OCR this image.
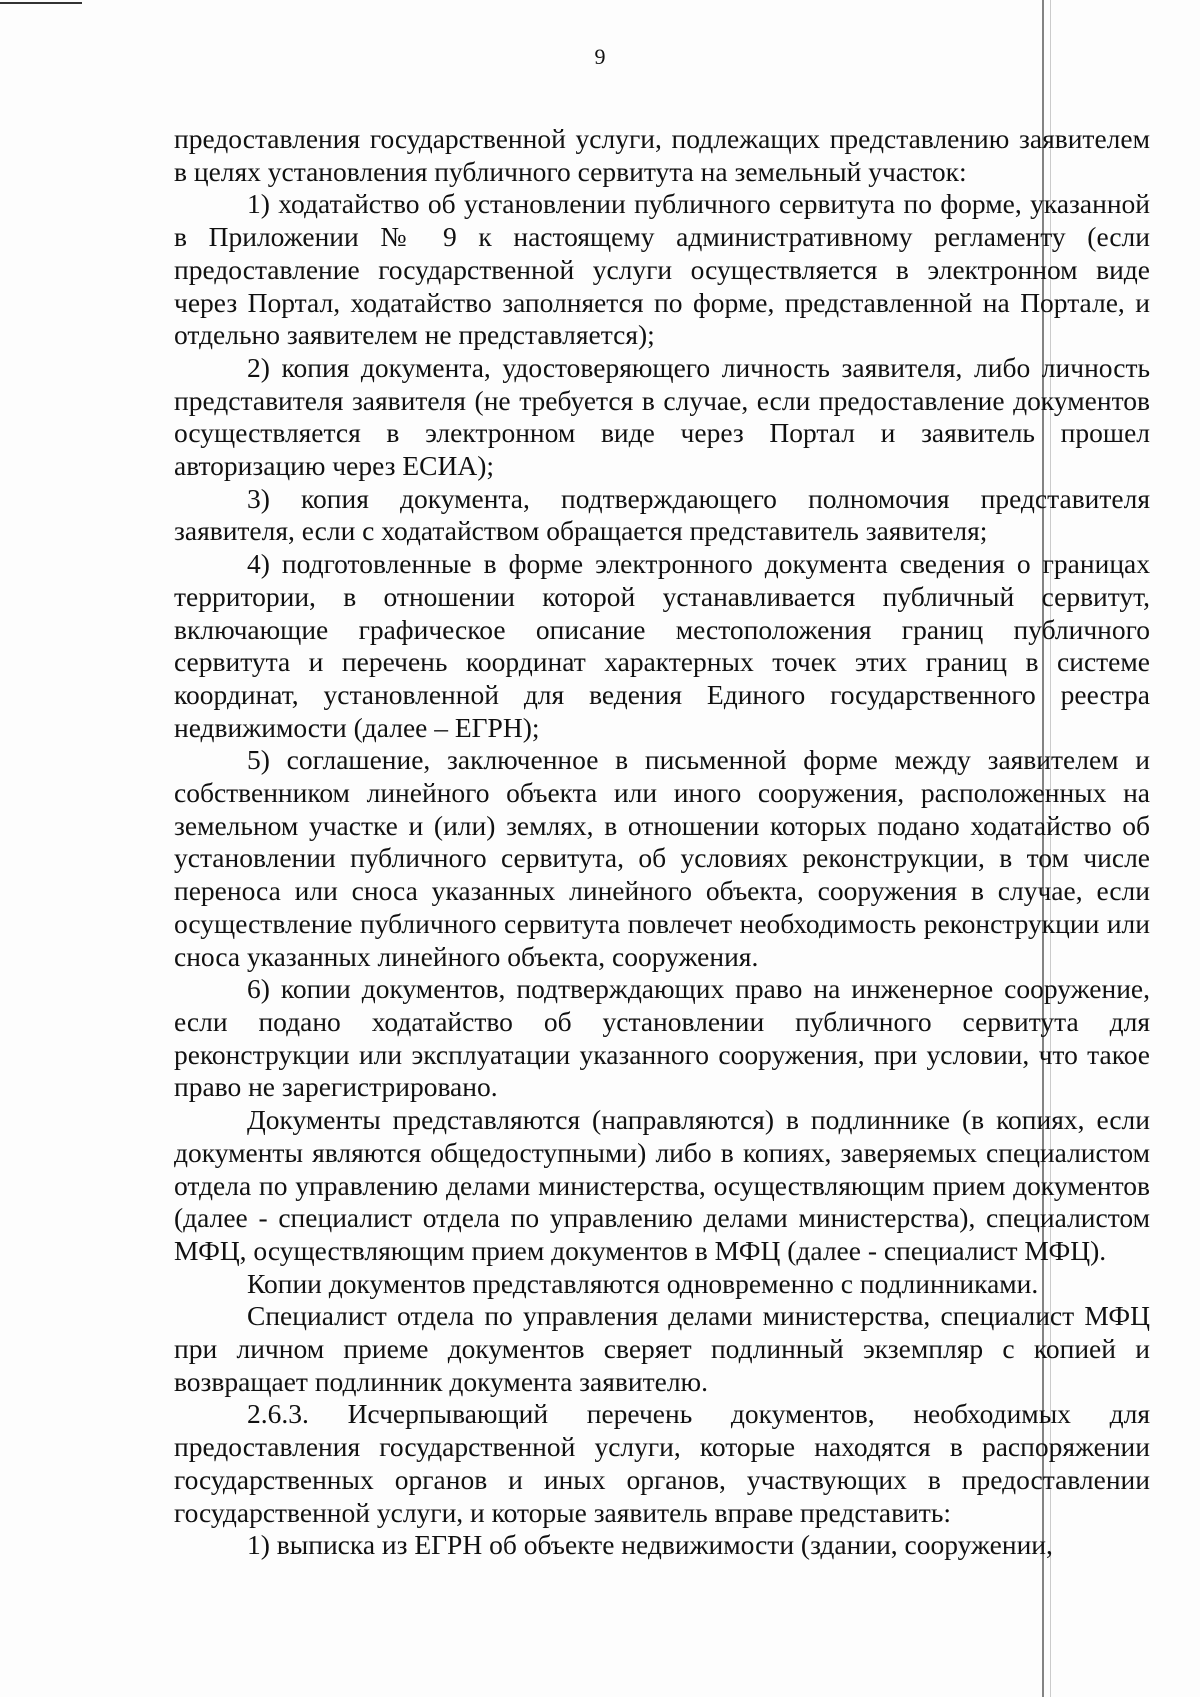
9

предоставления государственной услуги, подлежащих представлению заявителем в целях установления публичного сервитута на земельный участок:

1) ходатайство об установлении публичного сервитута по форме, указанной в Приложении № 9 к настоящему административному регламенту (если предоставление государственной услуги осуществляется в электронном виде через Портал, ходатайство заполняется по форме, представленной на Портале, и отдельно заявителем не представляется);

2) копия документа, удостоверяющего личность заявителя, либо личность представителя заявителя (не требуется в случае, если предоставление документов осуществляется в электронном виде через Портал и заявитель прошел авторизацию через ЕСИА);

3) копия документа, подтверждающего полномочия представителя заявителя, если с ходатайством обращается представитель заявителя;

4) подготовленные в форме электронного документа сведения о границах территории, в отношении которой устанавливается публичный сервитут, включающие графическое описание местоположения границ публичного сервитута и перечень координат характерных точек этих границ в системе координат, установленной для ведения Единого государственного реестра недвижимости (далее – ЕГРН);

5) соглашение, заключенное в письменной форме между заявителем и собственником линейного объекта или иного сооружения, расположенных на земельном участке и (или) землях, в отношении которых подано ходатайство об установлении публичного сервитута, об условиях реконструкции, в том числе переноса или сноса указанных линейного объекта, сооружения в случае, если осуществление публичного сервитута повлечет необходимость реконструкции или сноса указанных линейного объекта, сооружения.

6) копии документов, подтверждающих право на инженерное сооружение, если подано ходатайство об установлении публичного сервитута для реконструкции или эксплуатации указанного сооружения, при условии, что такое право не зарегистрировано.

Документы представляются (направляются) в подлиннике (в копиях, если документы являются общедоступными) либо в копиях, заверяемых специалистом отдела по управлению делами министерства, осуществляющим прием документов (далее - специалист отдела по управлению делами министерства), специалистом МФЦ, осуществляющим прием документов в МФЦ (далее - специалист МФЦ).

Копии документов представляются одновременно с подлинниками.

Специалист отдела по управления делами министерства, специалист МФЦ при личном приеме документов сверяет подлинный экземпляр с копией и возвращает подлинник документа заявителю.

2.6.3. Исчерпывающий перечень документов, необходимых для предоставления государственной услуги, которые находятся в распоряжении государственных органов и иных органов, участвующих в предоставлении государственной услуги, и которые заявитель вправе представить:

1) выписка из ЕГРН об объекте недвижимости (здании, сооружении,
